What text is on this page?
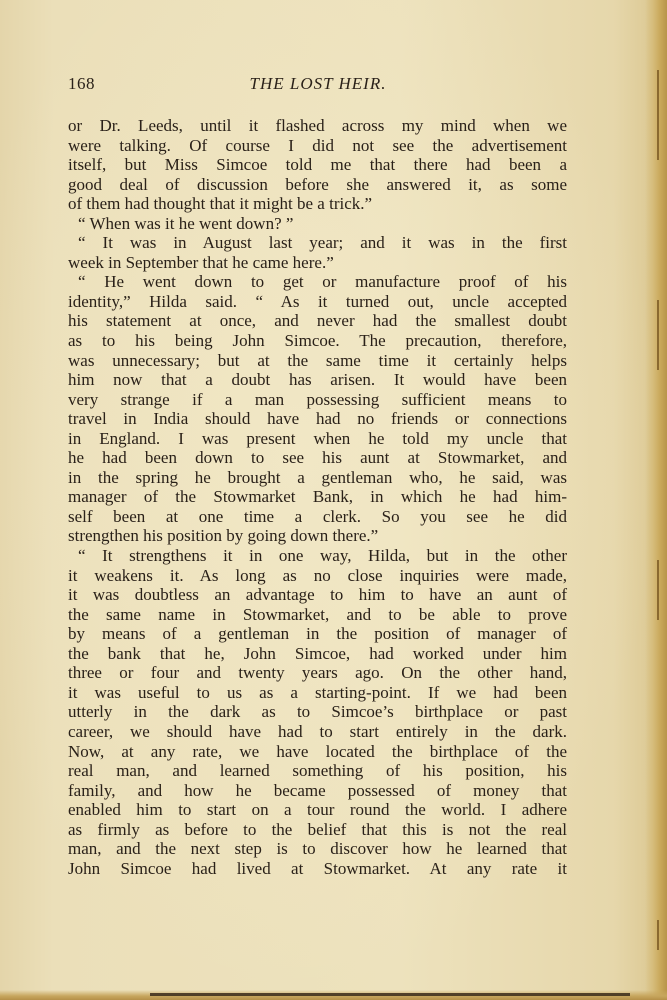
168	THE LOST HEIR.
or Dr. Leeds, until it flashed across my mind when we
were talking. Of course I did not see the advertisement
itself, but Miss Simcoe told me that there had been a
good deal of discussion before she answered it, as some
of them had thought that it might be a trick.”
“ When was it he went down? ”
“ It was in August last year; and it was in the first
week in September that he came here.”
“ He went down to get or manufacture proof of his
identity,” Hilda said. “ As it turned out, uncle accepted
his statement at once, and never had the smallest doubt
as to his being John Simcoe. The precaution, therefore,
was unnecessary; but at the same time it certainly helps
him now that a doubt has arisen. It would have been
very strange if a man possessing sufficient means to
travel in India should have had no friends or connections
in England. I was present when he told my uncle that
he had been down to see his aunt at Stowmarket, and
in the spring he brought a gentleman who, he said, was
manager of the Stowmarket Bank, in which he had him-
self been at one time a clerk. So you see he did
strengthen his position by going down there.”
“ It strengthens it in one way, Hilda, but in the other
it weakens it. As long as no close inquiries were made,
it was doubtless an advantage to him to have an aunt of
the same name in Stowmarket, and to be able to prove
by means of a gentleman in the position of manager of
the bank that he, John Simcoe, had worked under him
three or four and twenty years ago. On the other hand,
it was useful to us as a starting-point. If we had been
utterly in the dark as to Simcoe’s birthplace or past
career, we should have had to start entirely in the dark.
Now, at any rate, we have located the birthplace of the
real man, and learned something of his position, his
family, and how he became possessed of money that
enabled him to start on a tour round the world. I adhere
as firmly as before to the belief that this is not the real
man, and the next step is to discover how he learned that
John Simcoe had lived at Stowmarket. At any rate it
